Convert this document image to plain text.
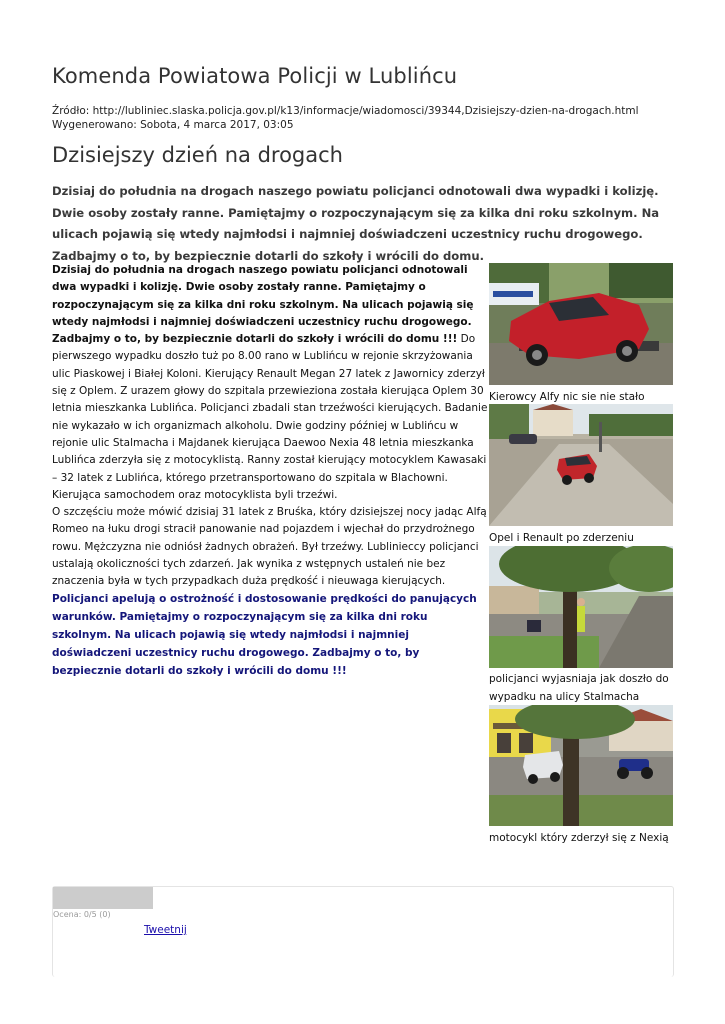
Komenda Powiatowa Policji w Lublińcu
Źródło: http://lubliniec.slaska.policja.gov.pl/k13/informacje/wiadomosci/39344,Dzisiejszy-dzien-na-drogach.html
Wygenerowano: Sobota, 4 marca 2017, 03:05
Dzisiejszy dzień na drogach

Dzisiaj do południa na drogach naszego powiatu policjanci odnotowali dwa wypadki i kolizję. Dwie osoby zostały ranne. Pamiętajmy o rozpoczynającym się za kilka dni roku szkolnym. Na ulicach pojawią się wtedy najmłodsi i najmniej doświadczeni uczestnicy ruchu drogowego. Zadbajmy o to, by bezpiecznie dotarli do szkoły i wrócili do domu.

Dzisiaj do południa na drogach naszego powiatu policjanci odnotowali dwa wypadki i kolizję. Dwie osoby zostały ranne. Pamiętajmy o rozpoczynającym się za kilka dni roku szkolnym. Na ulicach pojawią się wtedy najmłodsi i najmniej doświadczeni uczestnicy ruchu drogowego. Zadbajmy o to, by bezpiecznie dotarli do szkoły i wrócili do domu !!! Do pierwszego wypadku doszło tuż po 8.00 rano w Lublińcu w rejonie skrzyżowania ulic Piaskowej i Białej Koloni. Kierujący Renault Megan 27 latek z Jawornicy zderzył się z Oplem. Z urazem głowy do szpitala przewieziona została kierująca Oplem 30 letnia mieszkanka Lublińca. Policjanci zbadali stan trzeźwości kierujących. Badanie nie wykazało w ich organizmach alkoholu. Dwie godziny później w Lublińcu w rejonie ulic Stalmacha i Majdanek kierująca Daewoo Nexia 48 letnia mieszkanka Lublińca zderzyła się z motocyklistą. Ranny został kierujący motocyklem Kawasaki – 32 latek z Lublińca, którego przetransportowano do szpitala w Blachowni. Kierująca samochodem oraz motocyklista byli trzeźwi.
O szczęściu może mówić dzisiaj 31 latek z Bruśka, który dzisiejszej nocy jadąc Alfą Romeo na łuku drogi stracił panowanie nad pojazdem i wjechał do przydrożnego rowu. Mężczyzna nie odniósł żadnych obrażeń. Był trzeźwy. Lublinieccy policjanci ustalają okoliczności tych zdarzeń. Jak wynika z wstępnych ustaleń nie bez znaczenia była w tych przypadkach duża prędkość i nieuwaga kierujących.

Policjanci apelują o ostrożność i dostosowanie prędkości do panujących warunków. Pamiętajmy o rozpoczynającym się za kilka dni roku szkolnym. Na ulicach pojawią się wtedy najmłodsi i najmniej doświadczeni uczestnicy ruchu drogowego. Zadbajmy o to, by bezpiecznie dotarli do szkoły i wrócili do domu !!!

Kierowcy Alfy nic sie nie stało

Opel i Renault po zderzeniu

policjanci wyjasniaja jak doszło do wypadku na ulicy Stalmacha

motocykl który zderzył się z Nexią

Ocena: 0/5 (0)
Tweetnij
